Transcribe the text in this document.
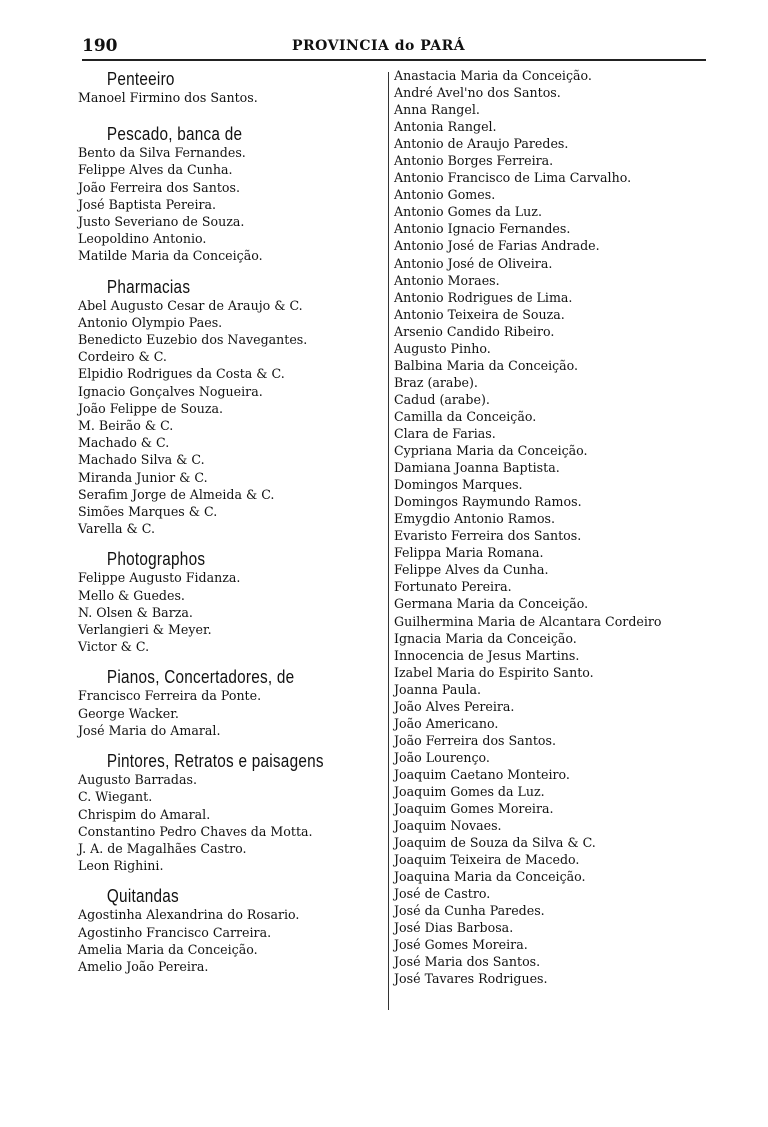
190	PROVINCIA do PARÁ
Penteeiro
Manoel Firmino dos Santos.
Pescado, banca de
Bento da Silva Fernandes.
Felippe Alves da Cunha.
João Ferreira dos Santos.
José Baptista Pereira.
Justo Severiano de Souza.
Leopoldino Antonio.
Matilde Maria da Conceição.
Pharmacias
Abel Augusto Cesar de Araujo & C.
Antonio Olympio Paes.
Benedicto Euzebio dos Navegantes.
Cordeiro & C.
Elpidio Rodrigues da Costa & C.
Ignacio Gonçalves Nogueira.
João Felippe de Souza.
M. Beirão & C.
Machado & C.
Machado Silva & C.
Miranda Junior & C.
Serafim Jorge de Almeida & C.
Simões Marques & C.
Varella & C.
Photographos
Felippe Augusto Fidanza.
Mello & Guedes.
N. Olsen & Barza.
Verlangieri & Meyer.
Victor & C.
Pianos, Concertadores, de
Francisco Ferreira da Ponte.
George Wacker.
José Maria do Amaral.
Pintores, Retratos e paisagens
Augusto Barradas.
C. Wiegant.
Chrispim do Amaral.
Constantino Pedro Chaves da Motta.
J. A. de Magalhães Castro.
Leon Righini.
Quitandas
Agostinha Alexandrina do Rosario.
Agostinho Francisco Carreira.
Amelia Maria da Conceição.
Amelio João Pereira.
Anastacia Maria da Conceição.
André Avel'no dos Santos.
Anna Rangel.
Antonia Rangel.
Antonio de Araujo Paredes.
Antonio Borges Ferreira.
Antonio Francisco de Lima Carvalho.
Antonio Gomes.
Antonio Gomes da Luz.
Antonio Ignacio Fernandes.
Antonio José de Farias Andrade.
Antonio José de Oliveira.
Antonio Moraes.
Antonio Rodrigues de Lima.
Antonio Teixeira de Souza.
Arsenio Candido Ribeiro.
Augusto Pinho.
Balbina Maria da Conceição.
Braz (arabe).
Cadud (arabe).
Camilla da Conceição.
Clara de Farias.
Cypriana Maria da Conceição.
Damiana Joanna Baptista.
Domingos Marques.
Domingos Raymundo Ramos.
Emygdio Antonio Ramos.
Evaristo Ferreira dos Santos.
Felippa Maria Romana.
Felippe Alves da Cunha.
Fortunato Pereira.
Germana Maria da Conceição.
Guilhermina Maria de Alcantara Cordeiro
Ignacia Maria da Conceição.
Innocencia de Jesus Martins.
Izabel Maria do Espirito Santo.
Joanna Paula.
João Alves Pereira.
João Americano.
João Ferreira dos Santos.
João Lourenço.
Joaquim Caetano Monteiro.
Joaquim Gomes da Luz.
Joaquim Gomes Moreira.
Joaquim Novaes.
Joaquim de Souza da Silva & C.
Joaquim Teixeira de Macedo.
Joaquina Maria da Conceição.
José de Castro.
José da Cunha Paredes.
José Dias Barbosa.
José Gomes Moreira.
José Maria dos Santos.
José Tavares Rodrigues.
